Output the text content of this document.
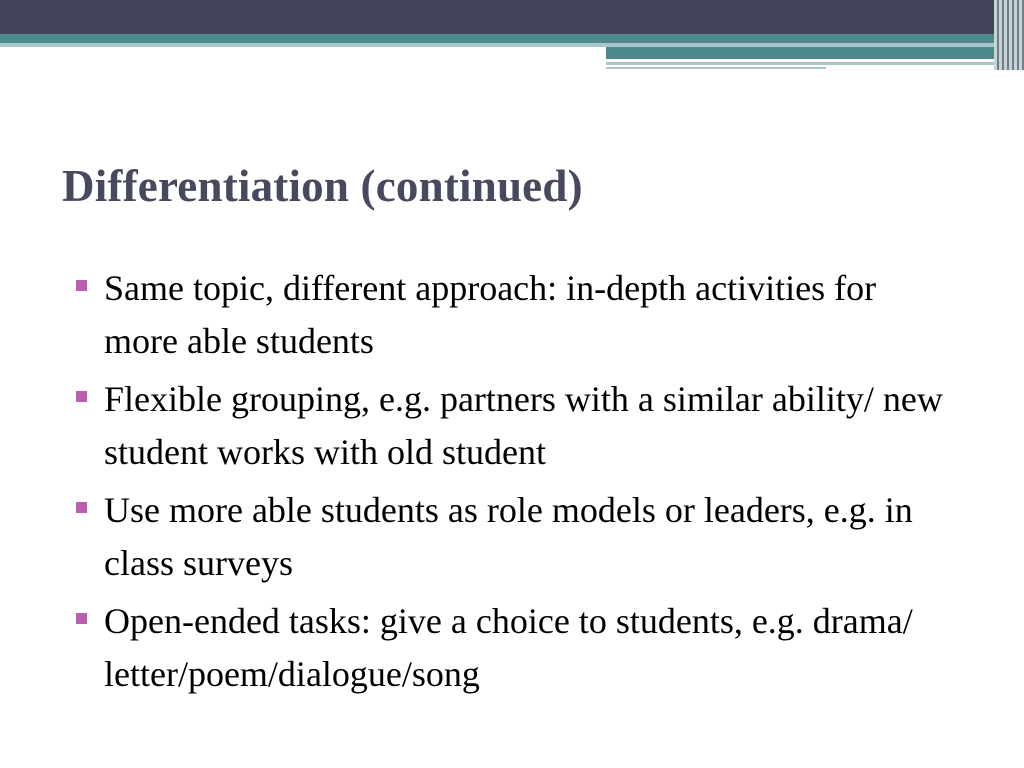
Differentiation (continued)
Same topic, different approach: in-depth activities for more able students
Flexible grouping, e.g. partners with a similar ability/ new student works with old student
Use more able students as role models or leaders, e.g. in class surveys
Open-ended tasks: give a choice to students, e.g. drama/ letter/poem/dialogue/song
